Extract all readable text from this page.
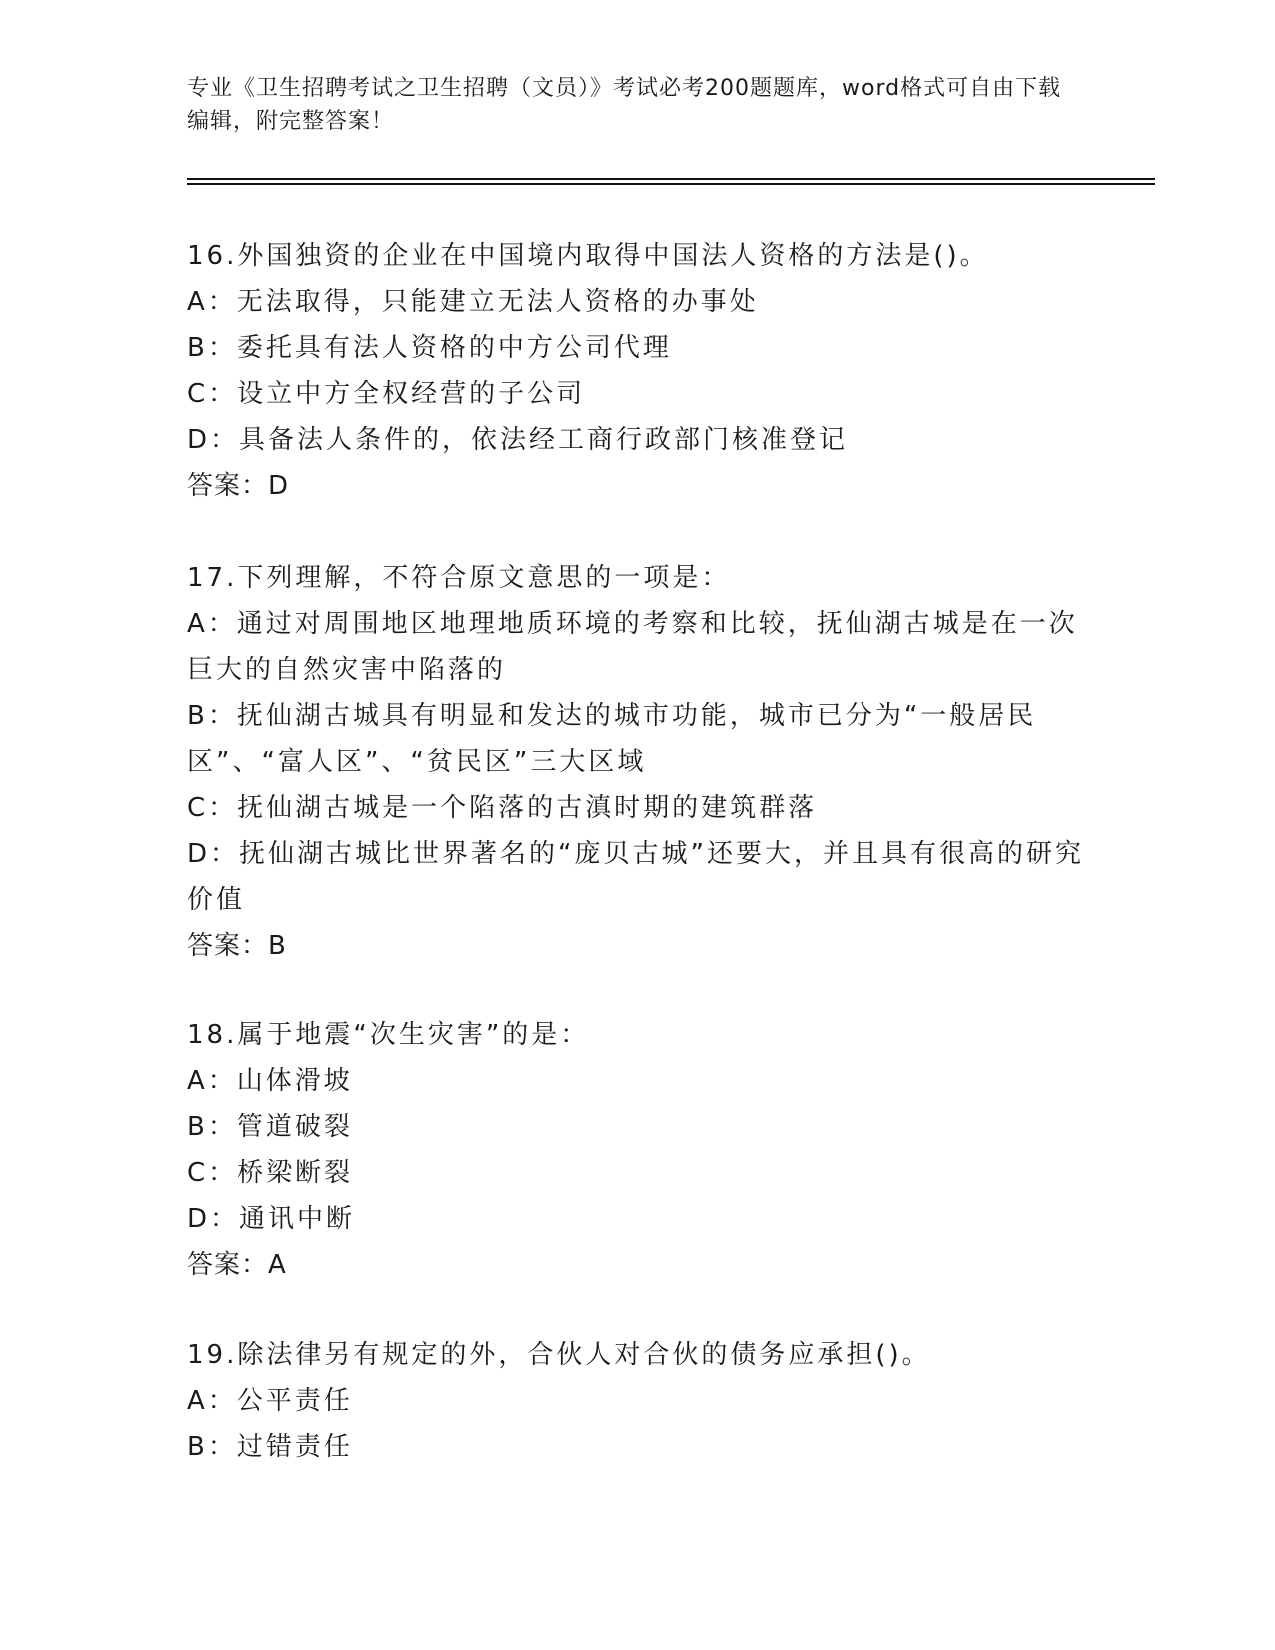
专业《卫生招聘考试之卫生招聘（文员）》考试必考200题题库，word格式可自由下载编辑，附完整答案！
16.外国独资的企业在中国境内取得中国法人资格的方法是()。
A：无法取得，只能建立无法人资格的办事处
B：委托具有法人资格的中方公司代理
C：设立中方全权经营的子公司
D：具备法人条件的，依法经工商行政部门核准登记
答案：D
17.下列理解，不符合原文意思的一项是：
A：通过对周围地区地理地质环境的考察和比较，抚仙湖古城是在一次巨大的自然灾害中陷落的
B：抚仙湖古城具有明显和发达的城市功能，城市已分为“一般居民区”、“富人区”、“贫民区”三大区域
C：抚仙湖古城是一个陷落的古滇时期的建筑群落
D：抚仙湖古城比世界著名的“庞贝古城”还要大，并且具有很高的研究价值
答案：B
18.属于地震“次生灾害”的是：
A：山体滑坡
B：管道破裂
C：桥梁断裂
D：通讯中断
答案：A
19.除法律另有规定的外，合伙人对合伙的债务应承担()。
A：公平责任
B：过错责任
